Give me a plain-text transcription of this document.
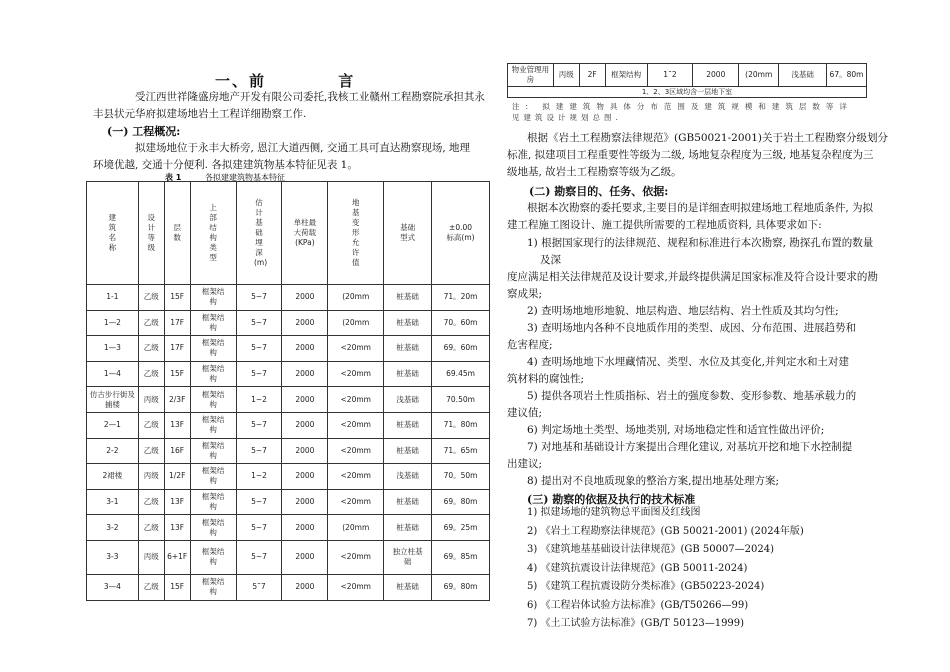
一、前          言

受江西世祥隆盛房地产开发有限公司委托,我核工业赣州工程勘察院承担其永

丰县状元华府拟建场地岩土工程详细勘察工作.

(一) 工程概况:

拟建场地位于永丰大桥旁, 恩江大道西侧, 交通工具可直达勘察现场, 地理

环境优越, 交通十分便利. 各拟建建筑物基本特征见表 1。

表 1	各拟建建筑物基本特征
建筑名称	设计等级	层数	上部结构类型	估计基础埋深(m)	单柱最大荷载(KPa)	地基变形允许值	基础型式	±0.00标高(m)
1-1	乙级	15F	框架结构	5~7	2000	(20mm	桩基础	71。20m
1—2	乙级	17F	框架结构	5~7	2000	(20mm	桩基础	70。60m
1—3	乙级	17F	框架结构	5~7	2000	<20mm	桩基础	69。60m
1—4	乙级	15F	框架结构	5~7	2000	<20mm	桩基础	69.45m
仿古步行街及捕楼	丙级	2/3F	框架结构	1~2	2000	<20mm	浅基础	70.50m
2—1	乙级	13F	框架结构	5~7	2000	<20mm	桩基础	71。80m
2-2	乙级	16F	框架结构	5~7	2000	<20mm	桩基础	71。65m
2裙楼	丙级	1/2F	框架结构	1~2	2000	<20mm	浅基础	70。50m
3-1	乙级	13F	框架结构	5~7	2000	<20mm	桩基础	69。80m
3-2	乙级	13F	框架结构	5~7	2000	(20mm	桩基础	69。25m
3-3	丙级	6+1F	框架结构	5~7	2000	<20mm	独立柱基础	69。85m
3—4	乙级	15F	框架结构	5˜7	2000	<20mm	桩基础	69。80m
物业管理用房	丙级	2F	框架结构	1˜2	2000	(20mm	浅基础	67。80m
1、2、3区域均含一层地下室
注: 拟建建筑物具体分布范围及建筑规模和建筑层数等详
见建筑设计规划总图.

根据《岩土工程勘察法律规范》(GB50021-2001)关于岩土工程勘察分级划分

标准, 拟建项目工程重要性等级为二级, 场地复杂程度为三级, 地基复杂程度为三

级地基, 故岩土工程勘察等级为乙级。

(二) 勘察目的、任务、依据:

根据本次勘察的委托要求,主要目的是详细查明拟建场地工程地质条件, 为拟

建工程施工图设计、施工提供所需要的工程地质资料, 具体要求如下:

1) 根据国家现行的法律规范、规程和标准进行本次勘察, 勘探孔布置的数量

及深

度应满足相关法律规范及设计要求,并最终提供满足国家标准及符合设计要求的勘

察成果;

2) 查明场地地形地貌、地层构造、地层结构、岩土性质及其均匀性;

3) 查明场地内各种不良地质作用的类型、成因、分布范围、进展趋势和

危害程度;

4) 查明场地地下水埋藏情况、类型、水位及其变化,并判定水和土对建

筑材料的腐蚀性;

5) 提供各项岩土性质指标、岩土的强度参数、变形参数、地基承载力的

建议值;

6) 判定场地土类型、场地类别, 对场地稳定性和适宜性做出评价;

7) 对地基和基础设计方案提出合理化建议, 对基坑开挖和地下水控制提

出建议;

8) 提出对不良地质现象的整治方案,提出地基处理方案;

(三) 勘察的依据及执行的技术标准

1) 拟建场地的建筑物总平面图及红线图

2) 《岩土工程勘察法律规范》(GB 50021-2001) (2024年版)

3) 《建筑地基基础设计法律规范》(GB 50007—2024)

4) 《建筑抗震设计法律规范》(GB 50011-2024)

5) 《建筑工程抗震设防分类标准》(GB50223-2024)

6) 《工程岩体试验方法标准》(GB/T50266—99)

7) 《土工试验方法标准》(GB/T 50123—1999)
